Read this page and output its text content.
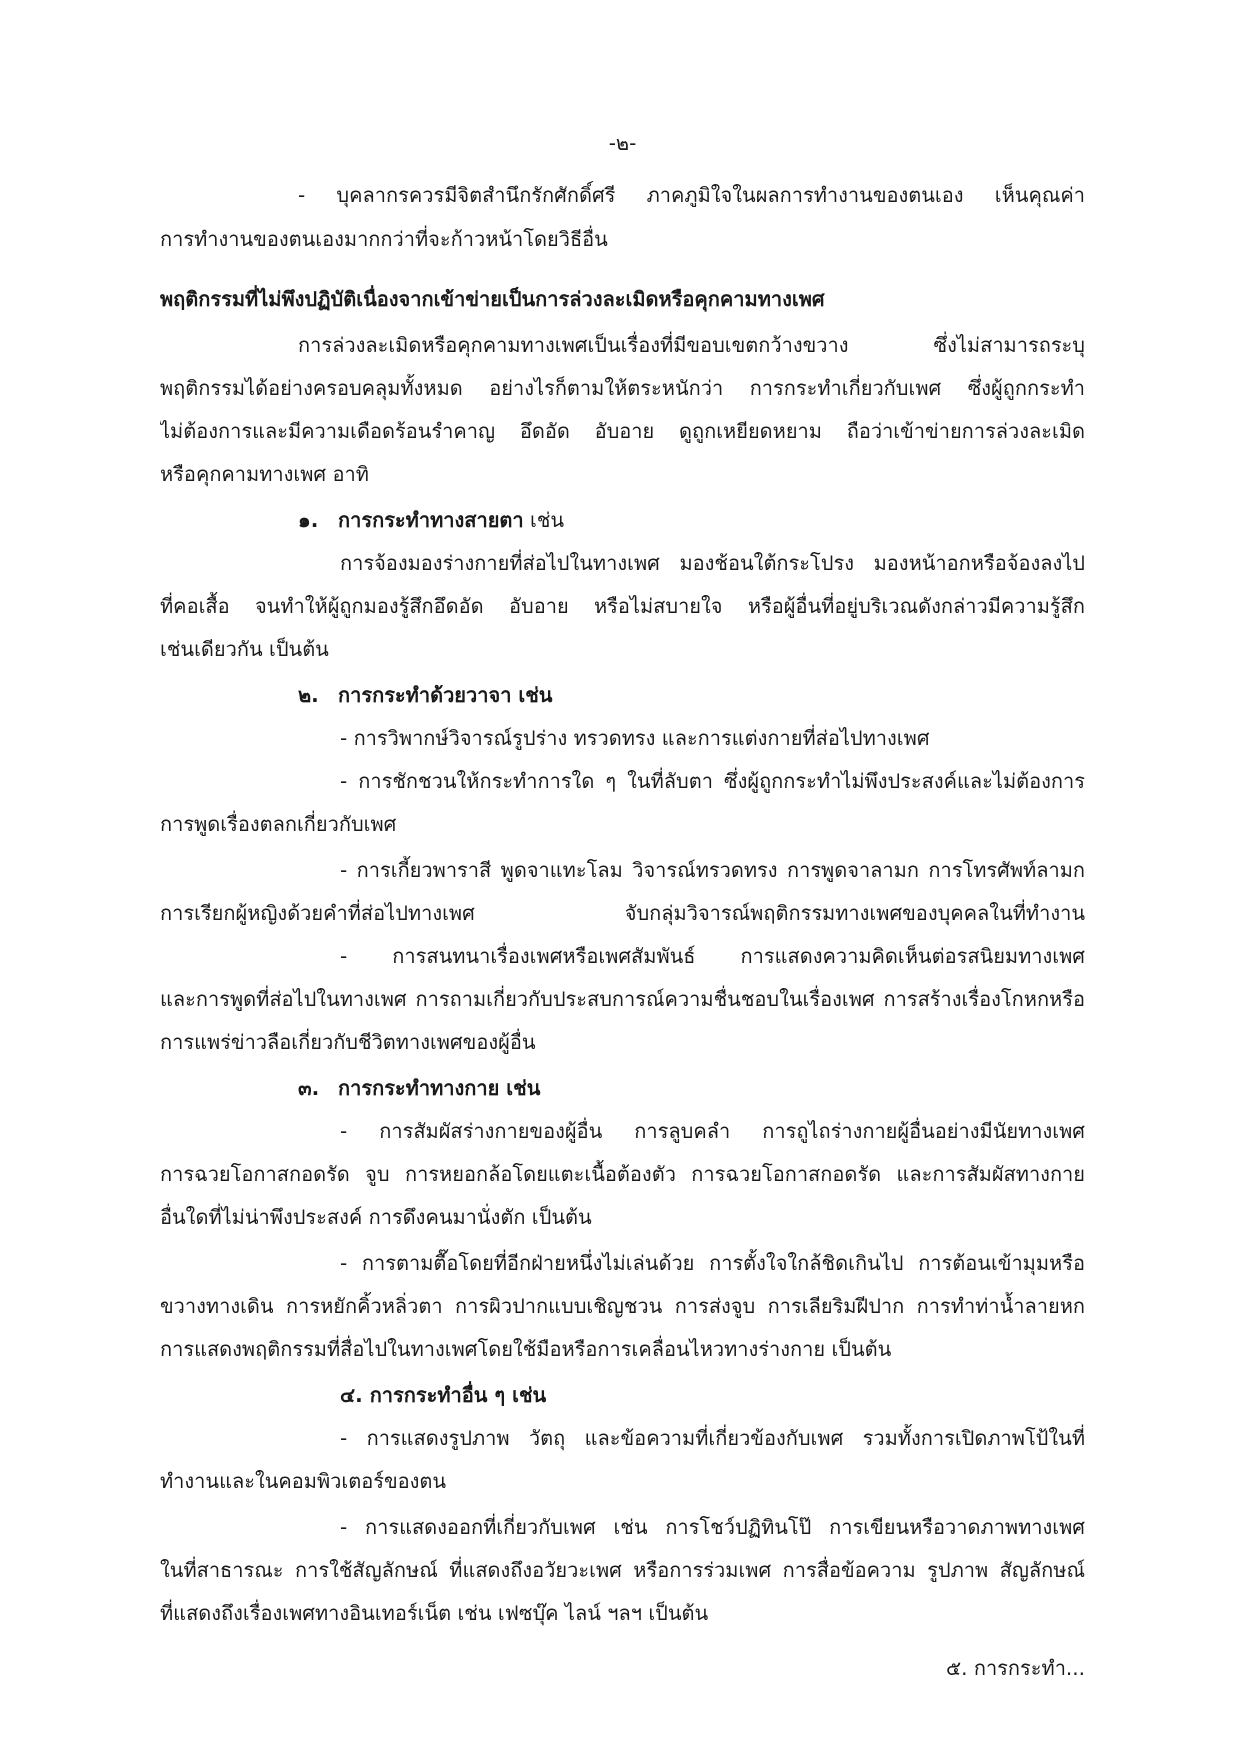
-๒-
- บุคลากรควรมีจิตสำนึกรักศักดิ์ศรี ภาคภูมิใจในผลการทำงานของตนเอง เห็นคุณค่า
การทำงานของตนเองมากกว่าที่จะก้าวหน้าโดยวิธีอื่น
พฤติกรรมที่ไม่พึงปฏิบัติเนื่องจากเข้าข่ายเป็นการล่วงละเมิดหรือคุกคามทางเพศ
การล่วงละเมิดหรือคุกคามทางเพศเป็นเรื่องที่มีขอบเขตกว้างขวาง ซึ่งไม่สามารถระบุ
พฤติกรรมได้อย่างครอบคลุมทั้งหมด อย่างไรก็ตามให้ตระหนักว่า การกระทำเกี่ยวกับเพศ ซึ่งผู้ถูกกระทำ
ไม่ต้องการและมีความเดือดร้อนรำคาญ อึดอัด อับอาย ดูถูกเหยียดหยาม ถือว่าเข้าข่ายการล่วงละเมิด
หรือคุกคามทางเพศ อาทิ
๑. การกระทำทางสายตา เช่น
การจ้องมองร่างกายที่ส่อไปในทางเพศ มองช้อนใต้กระโปรง มองหน้าอกหรือจ้องลงไป
ที่คอเสื้อ จนทำให้ผู้ถูกมองรู้สึกอึดอัด อับอาย หรือไม่สบายใจ หรือผู้อื่นที่อยู่บริเวณดังกล่าวมีความรู้สึก
เช่นเดียวกัน เป็นต้น
๒. การกระทำด้วยวาจา เช่น
- การวิพากษ์วิจารณ์รูปร่าง ทรวดทรง และการแต่งกายที่ส่อไปทางเพศ
- การชักชวนให้กระทำการใด ๆ ในที่ลับตา ซึ่งผู้ถูกกระทำไม่พึงประสงค์และไม่ต้องการ
การพูดเรื่องตลกเกี่ยวกับเพศ
- การเกี้ยวพาราสี พูดจาแทะโลม วิจารณ์ทรวดทรง การพูดจาลามก การโทรศัพท์ลามก
การเรียกผู้หญิงด้วยคำที่ส่อไปทางเพศ จับกลุ่มวิจารณ์พฤติกรรมทางเพศของบุคคลในที่ทำงาน
- การสนทนาเรื่องเพศหรือเพศสัมพันธ์ การแสดงความคิดเห็นต่อรสนิยมทางเพศ
และการพูดที่ส่อไปในทางเพศ การถามเกี่ยวกับประสบการณ์ความชื่นชอบในเรื่องเพศ การสร้างเรื่องโกหกหรือ
การแพร่ข่าวลือเกี่ยวกับชีวิตทางเพศของผู้อื่น
๓. การกระทำทางกาย เช่น
- การสัมผัสร่างกายของผู้อื่น การลูบคลำ การถูไถร่างกายผู้อื่นอย่างมีนัยทางเพศ
การฉวยโอกาสกอดรัด จูบ การหยอกล้อโดยแตะเนื้อต้องตัว การฉวยโอกาสกอดรัด และการสัมผัสทางกาย
อื่นใดที่ไม่น่าพึงประสงค์ การดึงคนมานั่งตัก เป็นต้น
- การตามตื๊อโดยที่อีกฝ่ายหนึ่งไม่เล่นด้วย การตั้งใจใกล้ชิดเกินไป การต้อนเข้ามุมหรือ
ขวางทางเดิน การหยักคิ้วหลิ่วตา การผิวปากแบบเชิญชวน การส่งจูบ การเลียริมฝีปาก การทำท่าน้ำลายหก
การแสดงพฤติกรรมที่สื่อไปในทางเพศโดยใช้มือหรือการเคลื่อนไหวทางร่างกาย เป็นต้น
๔. การกระทำอื่น ๆ เช่น
- การแสดงรูปภาพ วัตถุ และข้อความที่เกี่ยวข้องกับเพศ รวมทั้งการเปิดภาพโป้ในที่
ทำงานและในคอมพิวเตอร์ของตน
- การแสดงออกที่เกี่ยวกับเพศ เช่น การโชว์ปฏิทินโป๊ การเขียนหรือวาดภาพทางเพศ
ในที่สาธารณะ การใช้สัญลักษณ์ ที่แสดงถึงอวัยวะเพศ หรือการร่วมเพศ การสื่อข้อความ รูปภาพ สัญลักษณ์
ที่แสดงถึงเรื่องเพศทางอินเทอร์เน็ต เช่น เฟซบุ๊ค ไลน์ ฯลฯ เป็นต้น
๕. การกระทำ...
